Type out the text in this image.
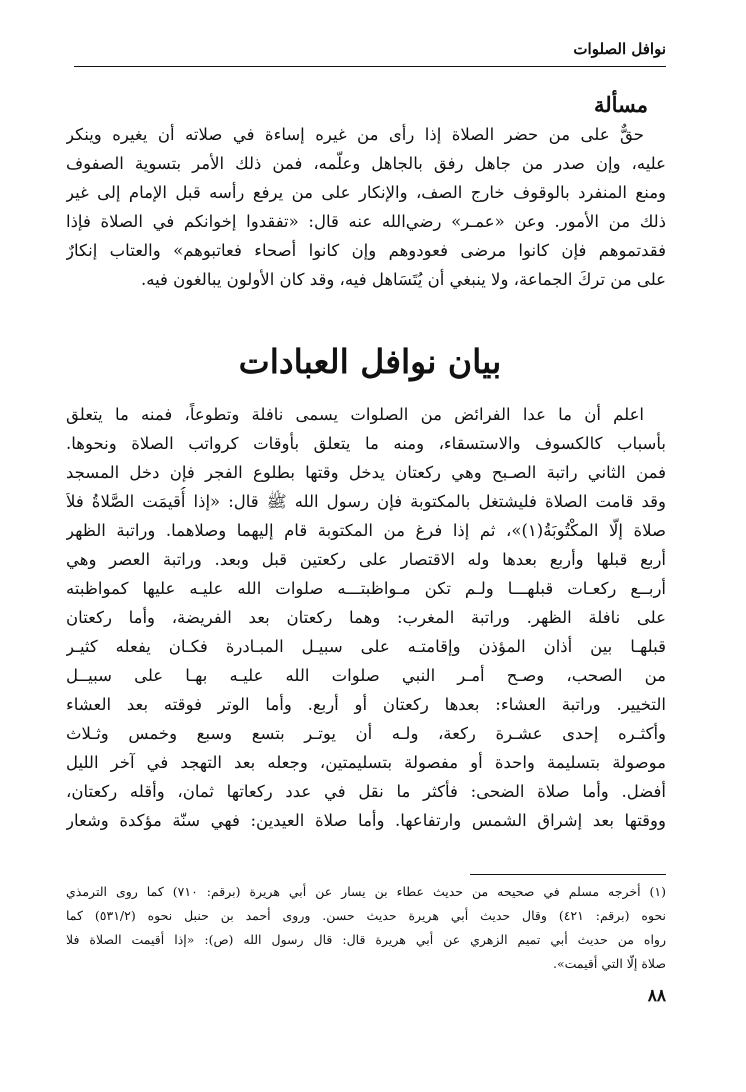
نوافل الصلوات
مسألة
حقٌّ على من حضر الصلاة إذا رأى من غيره إساءة في صلاته أن يغيره وينكر
عليه، وإن صدر من جاهل رفق بالجاهل وعلّمه، فمن ذلك الأمر بتسوية الصفوف
ومنع المنفرد بالوقوف خارج الصف، والإنكار على من يرفع رأسه قبل الإمام إلى غير
ذلك من الأمور. وعن «عمـر» رضي‌الله عنه قال: «تفقدوا إخوانكم في الصلاة فإذا
فقدتموهم فإن كانوا مرضى فعودوهم وإن كانوا أصحاء فعاتبوهم» والعتاب إنكارٌ
على من تركَ الجماعة، ولا ينبغي أن يُتَسَاهل فيه، وقد كان الأولون يبالغون فيه.
بيان نوافل العبادات
اعلم أن ما عدا الفرائض من الصلوات يسمى نافلة وتطوعاً، فمنه ما يتعلق
بأسباب كالكسوف والاستسقاء، ومنه ما يتعلق بأوقات كرواتب الصلاة ونحوها.
فمن الثاني راتبة الصـبح وهي ركعتان يدخل وقتها بطلوع الفجر فإن دخل المسجد
وقد قامت الصلاة فليشتغل بالمكتوبة فإن رسول الله ﷺ قال: «إذا أُقيمَت الصَّلاةُ فلاَ
صلاة إلّا المكْتُوبَةُ(١)»، ثم إذا فرغ من المكتوبة قام إليهما وصلاهما. وراتبة الظهر
أربع قبلها وأربع بعدها وله الاقتصار على ركعتين قبل وبعد. وراتبة العصر وهي
أربــع ركعـات قبلهـــا ولـم تكن مـواظبتـــه صلوات الله عليـه عليها كمواظبته
على نافلة الظهر. وراتبة المغرب: وهما ركعتان بعد الفريضة، وأما ركعتان
قبلهـا بين أذان المؤذن وإقامتـه على سبيـل المبـادرة فكـان يفعله كثيـر
من الصحب، وصـح أمـر النبي صلوات الله عليـه بهـا على سبيــل
التخيير. وراتبة العشاء: بعدها ركعتان أو أربع. وأما الوتر فوقته بعد العشاء
وأكثـره إحدى عشـرة ركعة، ولـه أن يوتـر بتسع وسبع وخمس وثـلاث
موصولة بتسليمة واحدة أو مفصولة بتسليمتين، وجعله بعد التهجد في آخر الليل
أفضل. وأما صلاة الضحى: فأكثر ما نقل في عدد ركعاتها ثمان، وأقله ركعتان،
ووقتها بعد إشراق الشمس وارتفاعها. وأما صلاة العيدين: فهي سنّة مؤكدة وشعار
(١) أخرجه مسلم في صحيحه من حديث عطاء بن يسار عن أبي هريرة (برقم: ٧١٠) كما روى الترمذي
نحوه (برقم: ٤٢١) وقال حديث أبي هريرة حديث حسن. وروى أحمد بن حنبل نحوه (٥٣١/٢) كما
رواه من حديث أبي تميم الزهري عن أبي هريرة قال: قال رسول الله (ص): «إذا أقيمت الصلاة فلا
صلاة إلّا التي أقيمت».
٨٨
